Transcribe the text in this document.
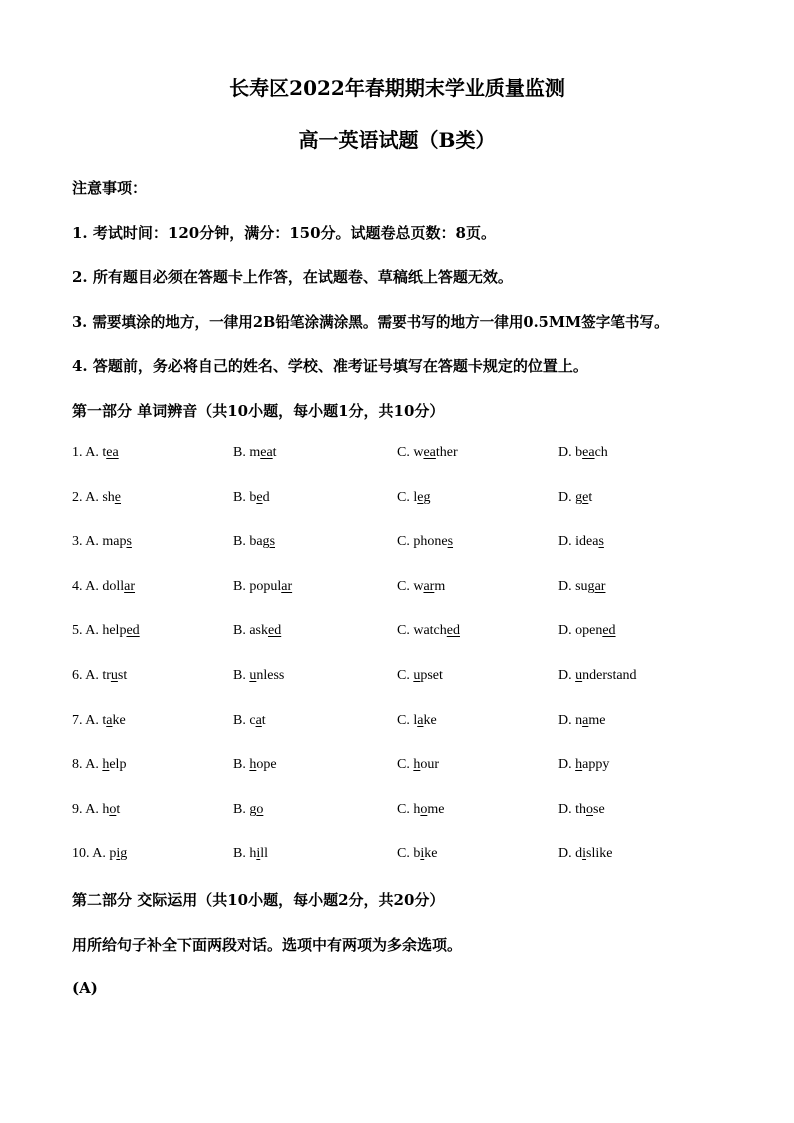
长寿区2022年春期期末学业质量监测
高一英语试题（B类）
注意事项：
1. 考试时间：120分钟，满分：150分。试题卷总页数：8页。
2. 所有题目必须在答题卡上作答，在试题卷、草稿纸上答题无效。
3. 需要填涂的地方，一律用2B铅笔涂满涂黑。需要书写的地方一律用0.5MM签字笔书写。
4. 答题前，务必将自己的姓名、学校、准考证号填写在答题卡规定的位置上。
第一部分 单词辨音（共10小题，每小题1分，共10分）
1. A. tea	B. meat	C. weather	D. beach
2. A. she	B. bed	C. leg	D. get
3. A. maps	B. bags	C. phones	D. ideas
4. A. dollar	B. popular	C. warm	D. sugar
5. A. helped	B. asked	C. watched	D. opened
6. A. trust	B. unless	C. upset	D. understand
7. A. take	B. cat	C. lake	D. name
8. A. help	B. hope	C. hour	D. happy
9. A. hot	B. go	C. home	D. those
10. A. pig	B. hill	C. bike	D. dislike
第二部分 交际运用（共10小题，每小题2分，共20分）
用所给句子补全下面两段对话。选项中有两项为多余选项。
(A)
